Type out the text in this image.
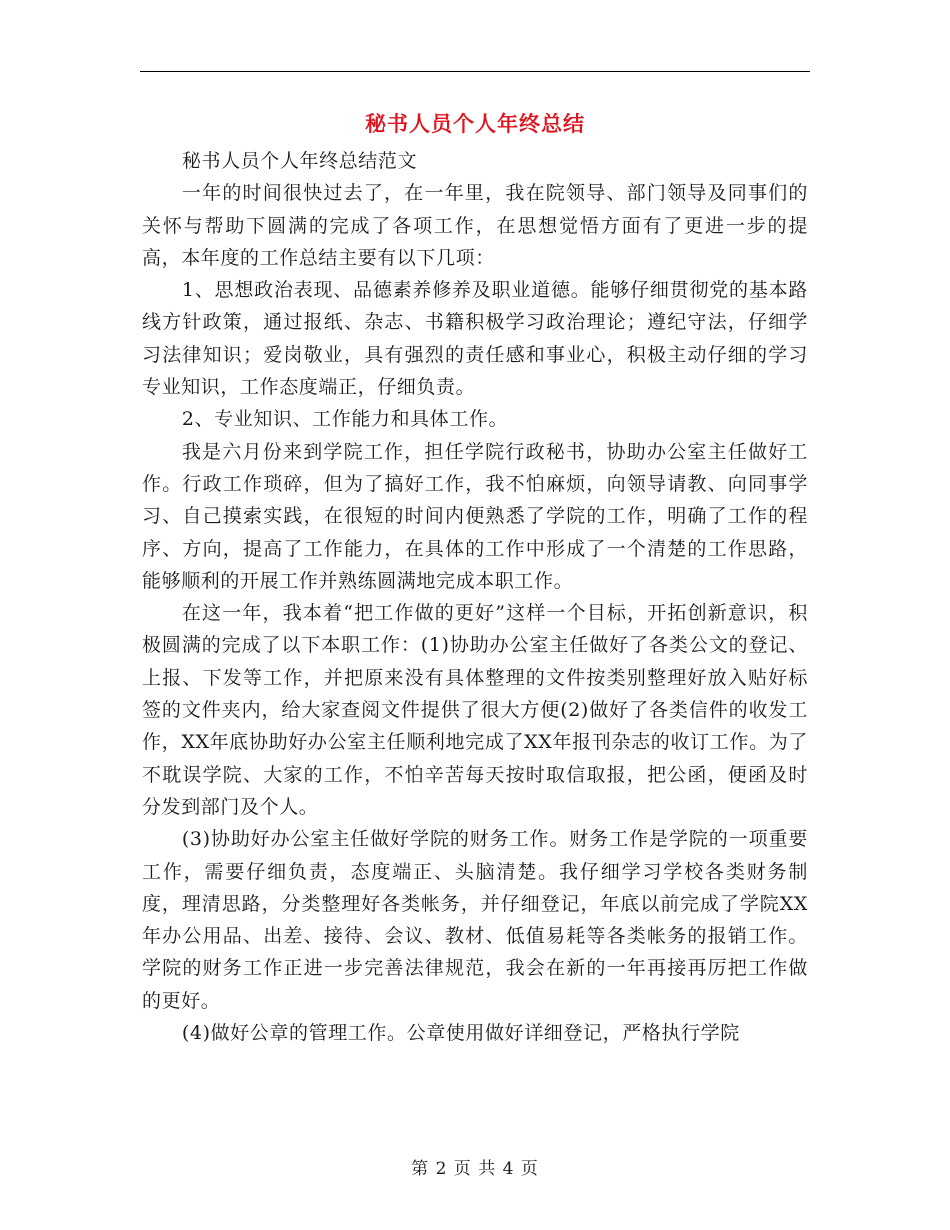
秘书人员个人年终总结

秘书人员个人年终总结范文

一年的时间很快过去了，在一年里，我在院领导、部门领导及同事们的关怀与帮助下圆满的完成了各项工作，在思想觉悟方面有了更进一步的提高，本年度的工作总结主要有以下几项：

1、思想政治表现、品德素养修养及职业道德。能够仔细贯彻党的基本路线方针政策，通过报纸、杂志、书籍积极学习政治理论；遵纪守法，仔细学习法律知识；爱岗敬业，具有强烈的责任感和事业心，积极主动仔细的学习专业知识，工作态度端正，仔细负责。

2、专业知识、工作能力和具体工作。

我是六月份来到学院工作，担任学院行政秘书，协助办公室主任做好工作。行政工作琐碎，但为了搞好工作，我不怕麻烦，向领导请教、向同事学习、自己摸索实践，在很短的时间内便熟悉了学院的工作，明确了工作的程序、方向，提高了工作能力，在具体的工作中形成了一个清楚的工作思路，能够顺利的开展工作并熟练圆满地完成本职工作。

在这一年，我本着“把工作做的更好”这样一个目标，开拓创新意识，积极圆满的完成了以下本职工作：(1)协助办公室主任做好了各类公文的登记、上报、下发等工作，并把原来没有具体整理的文件按类别整理好放入贴好标签的文件夹内，给大家查阅文件提供了很大方便(2)做好了各类信件的收发工作，XX年底协助好办公室主任顺利地完成了XX年报刊杂志的收订工作。为了不耽误学院、大家的工作，不怕辛苦每天按时取信取报，把公函，便函及时分发到部门及个人。

(3)协助好办公室主任做好学院的财务工作。财务工作是学院的一项重要工作，需要仔细负责，态度端正、头脑清楚。我仔细学习学校各类财务制度，理清思路，分类整理好各类帐务，并仔细登记，年底以前完成了学院XX年办公用品、出差、接待、会议、教材、低值易耗等各类帐务的报销工作。学院的财务工作正进一步完善法律规范，我会在新的一年再接再厉把工作做的更好。

(4)做好公章的管理工作。公章使用做好详细登记，严格执行学院

第 2 页 共 4 页
